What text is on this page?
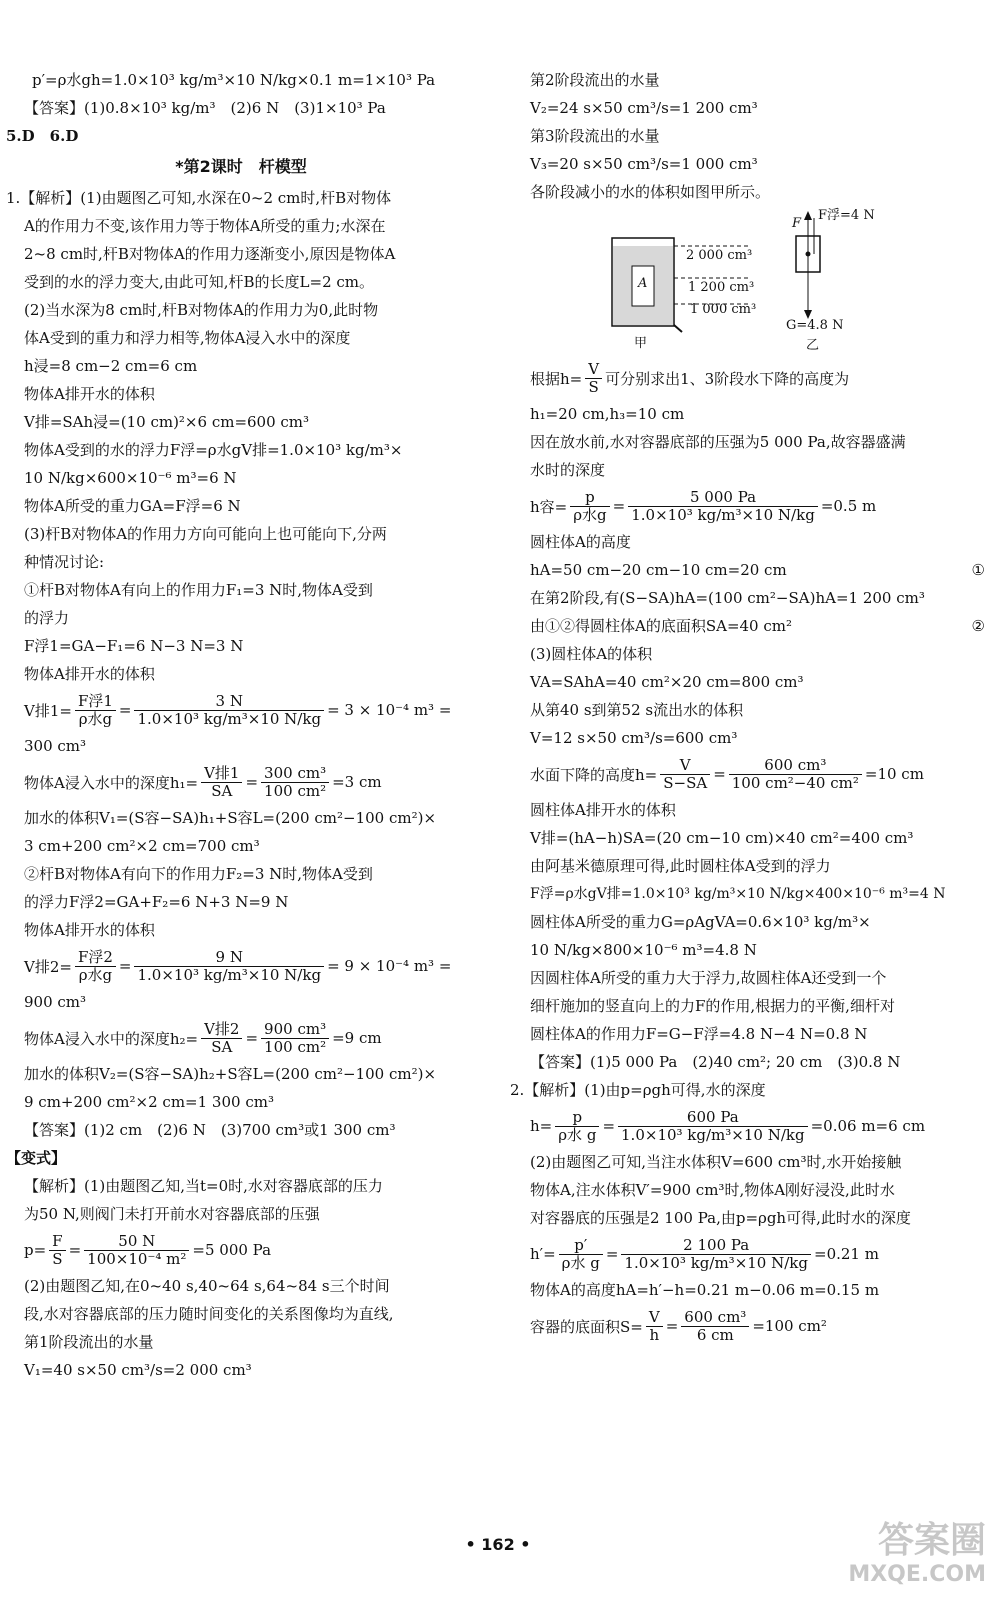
p′=ρ水gh=1.0×10³ kg/m³×10 N/kg×0.1 m=1×10³ Pa
【答案】(1)0.8×10³ kg/m³　(2)6 N　(3)1×10³ Pa
5.D　6.D
*第2课时　杆模型
1.【解析】(1)由题图乙可知,水深在0~2 cm时,杆B对物体
A的作用力不变,该作用力等于物体A所受的重力;水深在
2~8 cm时,杆B对物体A的作用力逐渐变小,原因是物体A
受到的水的浮力变大,由此可知,杆B的长度L=2 cm。
(2)当水深为8 cm时,杆B对物体A的作用力为0,此时物
体A受到的重力和浮力相等,物体A浸入水中的深度
h浸=8 cm−2 cm=6 cm
物体A排开水的体积
V排=SAh浸=(10 cm)²×6 cm=600 cm³
物体A受到的水的浮力F浮=ρ水gV排=1.0×10³ kg/m³×
10 N/kg×600×10⁻⁶ m³=6 N
物体A所受的重力GA=F浮=6 N
(3)杆B对物体A的作用力方向可能向上也可能向下,分两
种情况讨论:
①杆B对物体A有向上的作用力F₁=3 N时,物体A受到
的浮力
F浮1=GA−F₁=6 N−3 N=3 N
物体A排开水的体积
V排$1= \frac{\text{F浮1}}{\text{ρ水g}} = \frac{3 N}{\text{1.0×10³ kg/m³×10 N/kg}} = 3 \times 10^{-4}$ m³ =
300 cm³
物体A浸入水中的深度$h_1= \frac{\text{V排1}}{SA} = \frac{\text{300 cm³}}{\text{100 cm²}} =3$ cm
加水的体积V₁=(S容−SA)h₁+S容L=(200 cm²−100 cm²)×
3 cm+200 cm²×2 cm=700 cm³
②杆B对物体A有向下的作用力F₂=3 N时,物体A受到
的浮力F浮2=GA+F₂=6 N+3 N=9 N
物体A排开水的体积
V排$2= \frac{\text{F浮2}}{\text{ρ水g}} = \frac{9 N}{\text{1.0×10³ kg/m³×10 N/kg}} = 9 \times 10^{-4}$ m³ =
900 cm³
物体A浸入水中的深度$h_2= \frac{\text{V排2}}{SA} = \frac{\text{900 cm³}}{\text{100 cm²}} =9$ cm
加水的体积V₂=(S容−SA)h₂+S容L=(200 cm²−100 cm²)×
9 cm+200 cm²×2 cm=1 300 cm³
【答案】(1)2 cm　(2)6 N　(3)700 cm³或1 300 cm³
【变式】
【解析】(1)由题图乙知,当t=0时,水对容器底部的压力
为50 N,则阀门未打开前水对容器底部的压强
$p= \frac{F}{S} = \frac{50 N}{\text{100×10⁻⁴ m²}} =5$ 000 Pa
(2)由题图乙知,在0~40 s,40~64 s,64~84 s三个时间
段,水对容器底部的压力随时间变化的关系图像均为直线,
第1阶段流出的水量
V₁=40 s×50 cm³/s=2 000 cm³
第2阶段流出的水量
V₂=24 s×50 cm³/s=1 200 cm³
第3阶段流出的水量
V₃=20 s×50 cm³/s=1 000 cm³
各阶段减小的水的体积如图甲所示。
2 000 cm³
1 200 cm³
1 000 cm³
A
甲
F
F浮=4 N
G=4.8 N
乙
根据$h= \frac{V}{S}$ 可分别求出1、3阶段水下降的高度为
h₁=20 cm,h₃=10 cm
因在放水前,水对容器底部的压强为5 000 Pa,故容器盛满
水时的深度
h容= $\frac{p}{\text{ρ水g}} = \frac{5 000 Pa}{\text{1.0×10³ kg/m³×10 N/kg}} =0.5$ m
圆柱体A的高度
hA=50 cm−20 cm−10 cm=20 cm	①
在第2阶段,有(S−SA)hA=(100 cm²−SA)hA=1 200 cm³
②
由①②得圆柱体A的底面积SA=40 cm²
(3)圆柱体A的体积
VA=SAhA=40 cm²×20 cm=800 cm³
从第40 s到第52 s流出水的体积
V=12 s×50 cm³/s=600 cm³
水面下降的高度$h= \frac{V}{S-SA} = \frac{\text{600 cm³}}{\text{100 cm²−40 cm²}} =10$ cm
圆柱体A排开水的体积
V排=(hA−h)SA=(20 cm−10 cm)×40 cm²=400 cm³
由阿基米德原理可得,此时圆柱体A受到的浮力
F浮=ρ水gV排=1.0×10³ kg/m³×10 N/kg×400×10⁻⁶ m³=4 N
圆柱体A所受的重力G=ρAgVA=0.6×10³ kg/m³×
10 N/kg×800×10⁻⁶ m³=4.8 N
因圆柱体A所受的重力大于浮力,故圆柱体A还受到一个
细杆施加的竖直向上的力F的作用,根据力的平衡,细杆对
圆柱体A的作用力F=G−F浮=4.8 N−4 N=0.8 N
【答案】(1)5 000 Pa　(2)40 cm²; 20 cm　(3)0.8 N
2.【解析】(1)由p=ρgh可得,水的深度
$h= \frac{p}{\text{ρ水 g}} = \frac{600 Pa}{\text{1.0×10³ kg/m³×10 N/kg}} =0.06$ m=6 cm
(2)由题图乙可知,当注水体积V=600 cm³时,水开始接触
物体A,注水体积V′=900 cm³时,物体A刚好浸没,此时水
对容器底的压强是2 100 Pa,由p=ρgh可得,此时水的深度
$h'= \frac{p'}{\text{ρ水 g}} = \frac{2 100 Pa}{\text{1.0×10³ kg/m³×10 N/kg}} =0.21$ m
物体A的高度hA=h′−h=0.21 m−0.06 m=0.15 m
容器的底面积$S= \frac{V}{h} = \frac{\text{600 cm³}}{6 cm} =100$ cm²
• 162 •	答案圈
MXQE.COM
